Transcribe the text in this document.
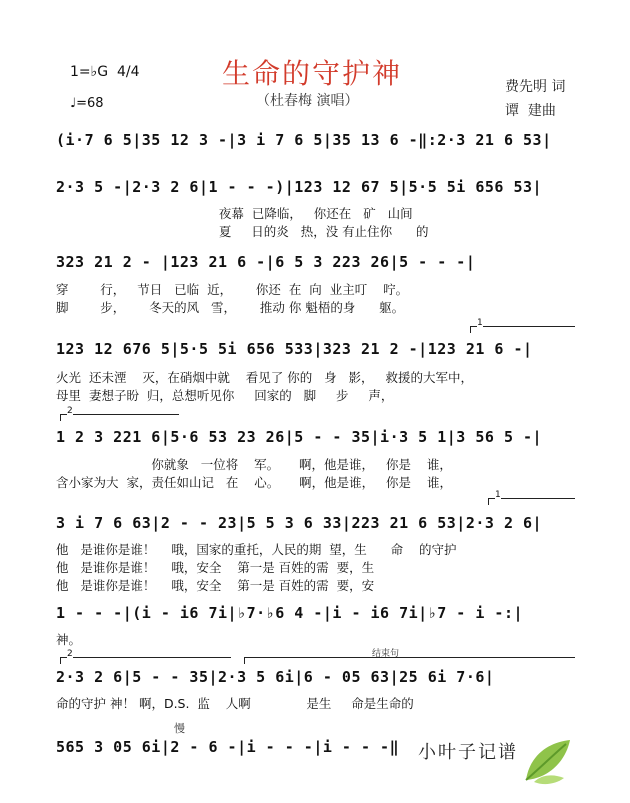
1=♭G  4/4
♩=68
生命的守护神
（杜春梅 演唱）
费先明 词
谭  建曲
(i·7 6 5|35 12 3 -|3 i 7 6 5|35 13 6 -‖:2·3 21 6 53|
2·3 5 -|2·3 2 6|1 - - -)|123 12 67 5|5·5 5i 656 53|
夜幕  已降临，   你还在   矿   山间
夏     日的炎   热，没 有止住你      的
323 21 2 - |123 21 6 -|6 5 3 223 26|5 - - -|
穿        行，   节日   已临  近，      你还  在  向  业主叮    咛。
脚        步，      冬天的风   雪，      推动 你 魁梧的身      躯。
1
123 12 676 5|5·5 5i 656 533|323 21 2 -|123 21 6 -|
火光  还未湮    灭，在硝烟中就    看见了 你的   身   影，   救援的大军中，
母里  妻想子盼  归，总想听见你     回家的   脚     步     声，
2
1 2 3 221 6|5·6 53 23 26|5 - - 35|i·3 5 1|3 56 5 -|
你就象   一位将    军。     啊，他是谁，   你是    谁，
含小家为大  家，责任如山记   在    心。     啊，他是谁，   你是    谁，
1
3 i 7 6 63|2 - - 23|5 5 3 6 33|223 21 6 53|2·3 2 6|
他   是谁你是谁！    哦，国家的重托，人民的期  望，生      命    的守护
他   是谁你是谁！    哦，安全    第一是 百姓的需  要，生
他   是谁你是谁！    哦，安全    第一是 百姓的需  要，安
1 - - -|(i - i6 7i|♭7·♭6 4 -|i - i6 7i|♭7 - i -:|
神。
2	结束句
2·3 2 6|5 - - 35|2·3 5 6i|6 - 05 63|25 6i 7·6|
命的守护 神！ 啊，D.S.  监    人啊              是生     命是生命的
慢
565 3 05 6i|2 - 6 -|i - - -|i - - -‖	小叶子记谱
